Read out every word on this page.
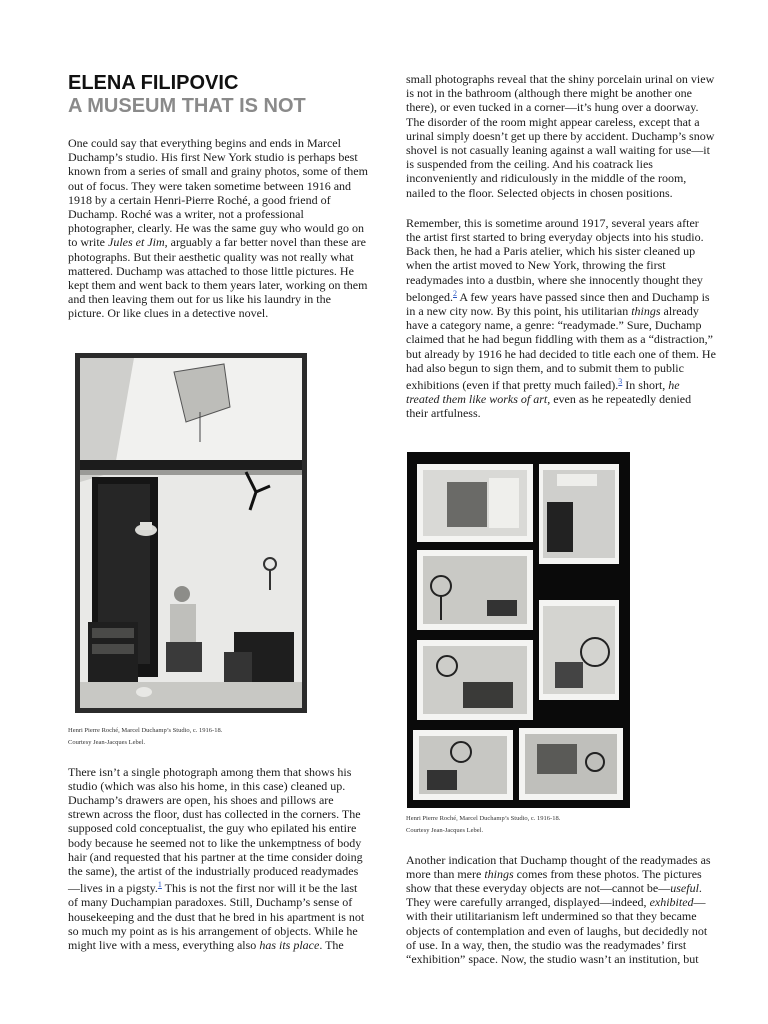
ELENA FILIPOVIC
A MUSEUM THAT IS NOT

One could say that everything begins and ends in Marcel Duchamp’s studio. His first New York studio is perhaps best known from a series of small and grainy photos, some of them out of focus. They were taken sometime between 1916 and 1918 by a certain Henri-Pierre Roché, a good friend of Duchamp. Roché was a writer, not a professional photographer, clearly. He was the same guy who would go on to write Jules et Jim, arguably a far better novel than these are photographs. But their aesthetic quality was not really what mattered. Duchamp was attached to those little pictures. He kept them and went back to them years later, working on them and then leaving them out for us like his laundry in the picture. Or like clues in a detective novel.

Henri Pierre Roché, Marcel Duchamp’s Studio, c. 1916-18.
Courtesy Jean-Jacques Lebel.

There isn’t a single photograph among them that shows his studio (which was also his home, in this case) cleaned up. Duchamp’s drawers are open, his shoes and pillows are strewn across the floor, dust has collected in the corners. The supposed cold conceptualist, the guy who epilated his entire body because he seemed not to like the unkemptness of body hair (and requested that his partner at the time consider doing the same), the artist of the industrially produced readymades—lives in a pigsty.$^1$ This is not the first nor will it be the last of many Duchampian paradoxes. Still, Duchamp’s sense of housekeeping and the dust that he bred in his apartment is not so much my point as is his arrangement of objects. While he might live with a mess, everything also has its place. The

small photographs reveal that the shiny porcelain urinal on view is not in the bathroom (although there might be another one there), or even tucked in a corner—it’s hung over a doorway. The disorder of the room might appear careless, except that a urinal simply doesn’t get up there by accident. Duchamp’s snow shovel is not casually leaning against a wall waiting for use—it is suspended from the ceiling. And his coatrack lies inconveniently and ridiculously in the middle of the room, nailed to the floor. Selected objects in chosen positions.

Remember, this is sometime around 1917, several years after the artist first started to bring everyday objects into his studio. Back then, he had a Paris atelier, which his sister cleaned up when the artist moved to New York, throwing the first readymades into a dustbin, where she innocently thought they belonged.$^2$ A few years have passed since then and Duchamp is in a new city now. By this point, his utilitarian things already have a category name, a genre: “readymade.” Sure, Duchamp claimed that he had begun fiddling with them as a “distraction,” but already by 1916 he had decided to title each one of them. He had also begun to sign them, and to submit them to public exhibitions (even if that pretty much failed).$^3$ In short, he treated them like works of art, even as he repeatedly denied their artfulness.

Henri Pierre Roché, Marcel Duchamp’s Studio, c. 1916-18.
Courtesy Jean-Jacques Lebel.

Another indication that Duchamp thought of the readymades as more than mere things comes from these photos. The pictures show that these everyday objects are not—cannot be—useful. They were carefully arranged, displayed—indeed, exhibited—with their utilitarianism left undermined so that they became objects of contemplation and even of laughs, but decidedly not of use. In a way, then, the studio was the readymades’ first “exhibition” space. Now, the studio wasn’t an institution, but
